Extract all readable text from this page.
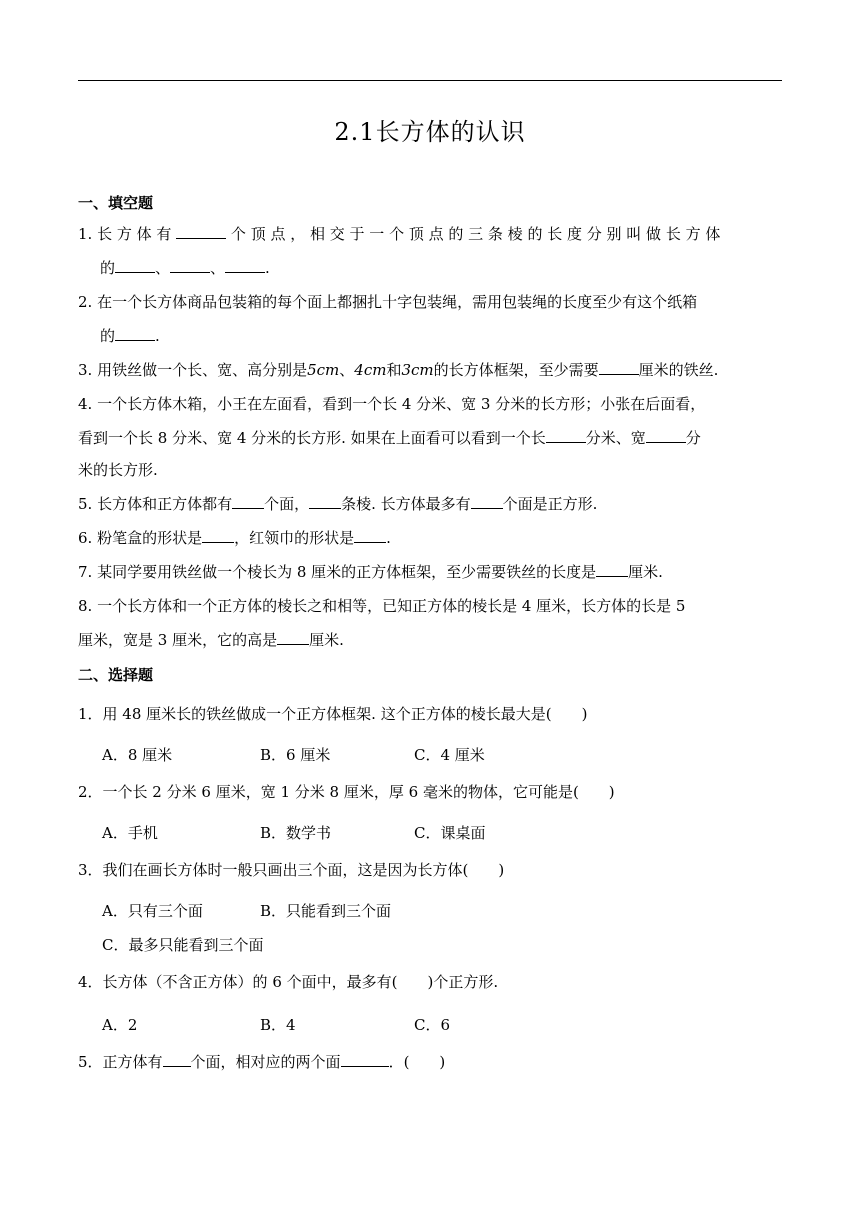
2.1长方体的认识
一、填空题
1. 长 方 体 有	个 顶 点 ， 相 交 于 一 个 顶 点 的 三 条 棱 的 长 度 分 别 叫 做 长 方 体
的	、	、	.
2. 在一个长方体商品包装箱的每个面上都捆扎十字包装绳，需用包装绳的长度至少有这个纸箱
的	.
3. 用铁丝做一个长、宽、高分别是5cm、4cm和3cm的长方体框架，至少需要	厘米的铁丝.
4. 一个长方体木箱，小王在左面看，看到一个长 4 分米、宽 3 分米的长方形；小张在后面看，
看到一个长 8 分米、宽 4 分米的长方形. 如果在上面看可以看到一个长	分米、宽	分
米的长方形.
5. 长方体和正方体都有 个面， 条棱. 长方体最多有 个面是正方形.
6. 粉笔盒的形状是 ，红领巾的形状是 .
7. 某同学要用铁丝做一个棱长为 8 厘米的正方体框架，至少需要铁丝的长度是 厘米.
8. 一个长方体和一个正方体的棱长之和相等，已知正方体的棱长是 4 厘米，长方体的长是 5
厘米，宽是 3 厘米，它的高是 厘米.
二、选择题
1．用 48 厘米长的铁丝做成一个正方体框架. 这个正方体的棱长最大是( )
A．8 厘米	B．6 厘米	C．4 厘米
2．一个长 2 分米 6 厘米，宽 1 分米 8 厘米，厚 6 毫米的物体，它可能是( )
A．手机	B．数学书	C．课桌面
3．我们在画长方体时一般只画出三个面，这是因为长方体( )
A．只有三个面	B．只能看到三个面
C．最多只能看到三个面
4．长方体（不含正方体）的 6 个面中，最多有( )个正方形.
A．2	B．4	C．6
5．正方体有 个面，相对应的两个面	．( )
